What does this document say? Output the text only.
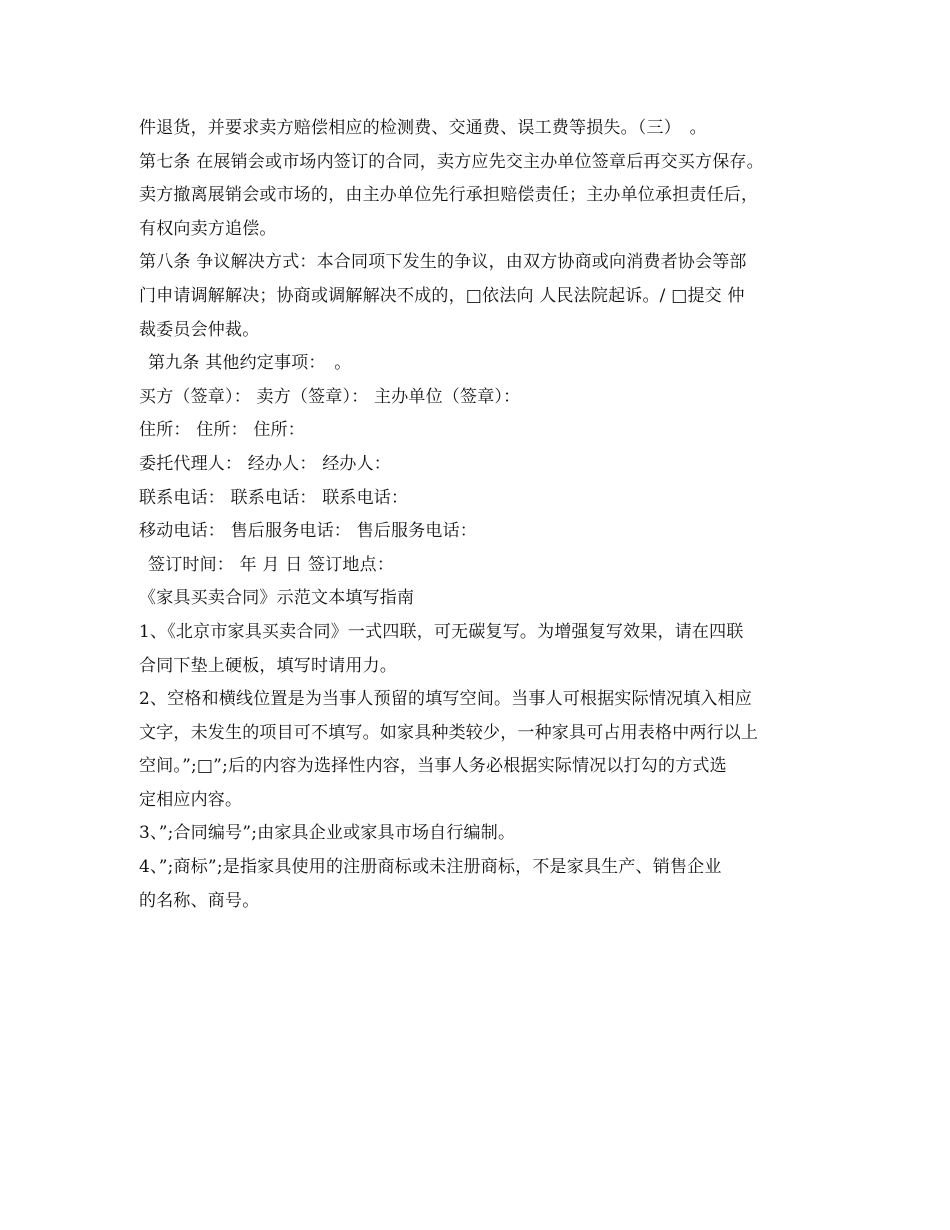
件退货，并要求卖方赔偿相应的检测费、交通费、误工费等损失。（三）　。
第七条 在展销会或市场内签订的合同，卖方应先交主办单位签章后再交买方保存。
卖方撤离展销会或市场的，由主办单位先行承担赔偿责任；主办单位承担责任后，
有权向卖方追偿。
第八条 争议解决方式：本合同项下发生的争议，由双方协商或向消费者协会等部
门申请调解解决；协商或调解解决不成的，□依法向 人民法院起诉。/ □提交 仲
裁委员会仲裁。
第九条 其他约定事项：　。
买方（签章）： 卖方（签章）： 主办单位（签章）：
住所： 住所： 住所：
委托代理人： 经办人： 经办人：
联系电话： 联系电话： 联系电话：
移动电话： 售后服务电话： 售后服务电话：
签订时间： 年 月 日 签订地点：
《家具买卖合同》示范文本填写指南
1、《北京市家具买卖合同》一式四联，可无碳复写。为增强复写效果，请在四联
合同下垫上硬板，填写时请用力。
2、空格和横线位置是为当事人预留的填写空间。当事人可根据实际情况填入相应
文字，未发生的项目可不填写。如家具种类较少，一种家具可占用表格中两行以上
空间。”;□”;后的内容为选择性内容，当事人务必根据实际情况以打勾的方式选
定相应内容。
3、”;合同编号”;由家具企业或家具市场自行编制。
4、”;商标”;是指家具使用的注册商标或未注册商标，不是家具生产、销售企业
的名称、商号。
